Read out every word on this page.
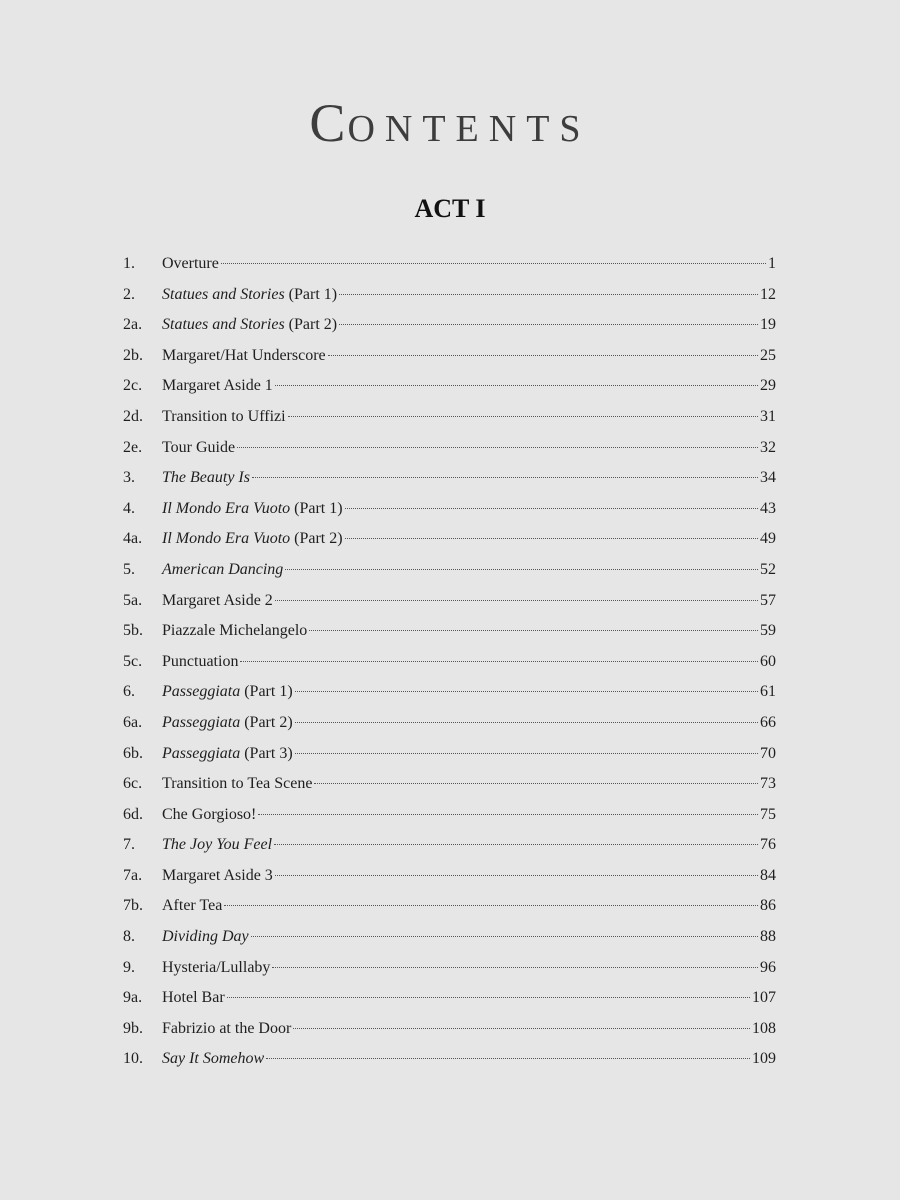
CONTENTS
ACT I
1.	Overture	1
2.	Statues and Stories (Part 1)	12
2a.	Statues and Stories (Part 2)	19
2b.	Margaret/Hat Underscore	25
2c.	Margaret Aside 1	29
2d.	Transition to Uffizi	31
2e.	Tour Guide	32
3.	The Beauty Is	34
4.	Il Mondo Era Vuoto (Part 1)	43
4a.	Il Mondo Era Vuoto (Part 2)	49
5.	American Dancing	52
5a.	Margaret Aside 2	57
5b.	Piazzale Michelangelo	59
5c.	Punctuation	60
6.	Passeggiata (Part 1)	61
6a.	Passeggiata (Part 2)	66
6b.	Passeggiata (Part 3)	70
6c.	Transition to Tea Scene	73
6d.	Che Gorgioso!	75
7.	The Joy You Feel	76
7a.	Margaret Aside 3	84
7b.	After Tea	86
8.	Dividing Day	88
9.	Hysteria/Lullaby	96
9a.	Hotel Bar	107
9b.	Fabrizio at the Door	108
10.	Say It Somehow	109
